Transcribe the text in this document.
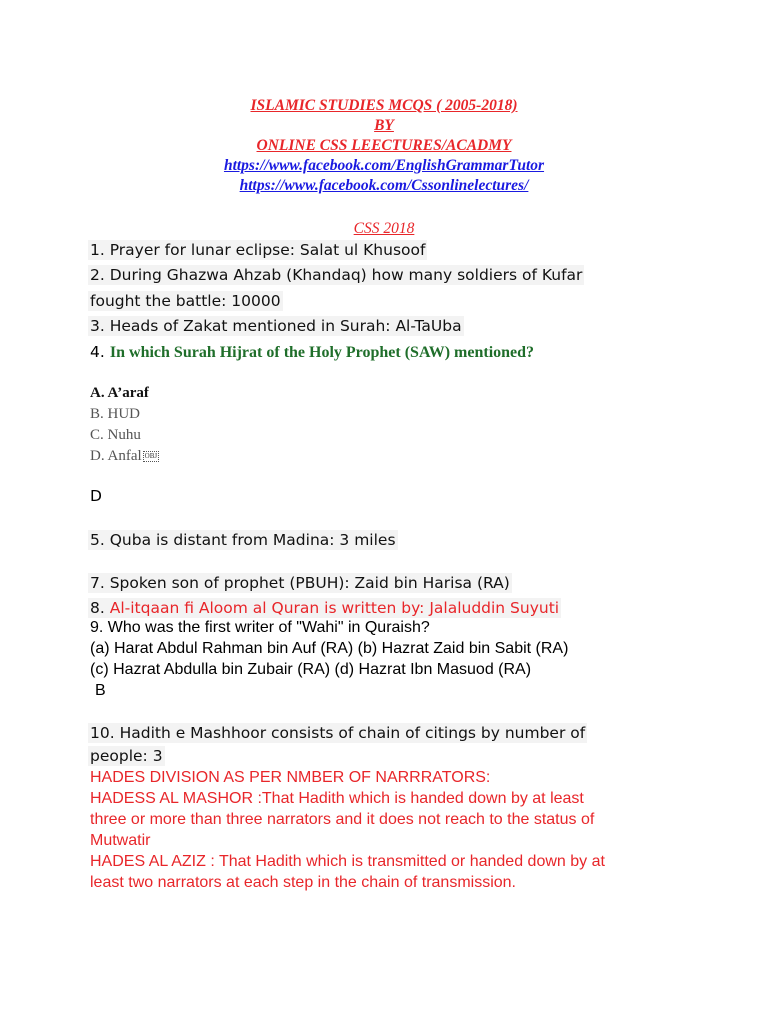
ISLAMIC STUDIES MCQS ( 2005-2018)
BY
ONLINE CSS LEECTURES/ACADMY
https://www.facebook.com/EnglishGrammarTutor
https://www.facebook.com/Cssonlinelectures/
CSS 2018
1. Prayer for lunar eclipse: Salat ul Khusoof
2. During Ghazwa Ahzab (Khandaq) how many soldiers of Kufar
fought the battle: 10000
3. Heads of Zakat mentioned in Surah: Al-TaUba
4. In which Surah Hijrat of the Holy Prophet (SAW) mentioned?
A. A’araf
B. HUD
C. Nuhu
D. Anfal OBJ
D
5. Quba is distant from Madina: 3 miles
7. Spoken son of prophet (PBUH): Zaid bin Harisa (RA)
8. Al-itqaan fi Aloom al Quran is written by: Jalaluddin Suyuti
9. Who was the first writer of "Wahi" in Quraish?
(a) Harat Abdul Rahman bin Auf (RA) (b) Hazrat Zaid bin Sabit (RA)
(c) Hazrat Abdulla bin Zubair (RA) (d) Hazrat Ibn Masuod (RA)
B
10. Hadith e Mashhoor consists of chain of citings by number of
people: 3
HADES DIVISION AS PER NMBER OF NARRRATORS:
HADESS AL MASHOR :That Hadith which is handed down by at least
three or more than three narrators and it does not reach to the status of
Mutwatir
HADES AL AZIZ : That Hadith which is transmitted or handed down by at
least two narrators at each step in the chain of transmission.
